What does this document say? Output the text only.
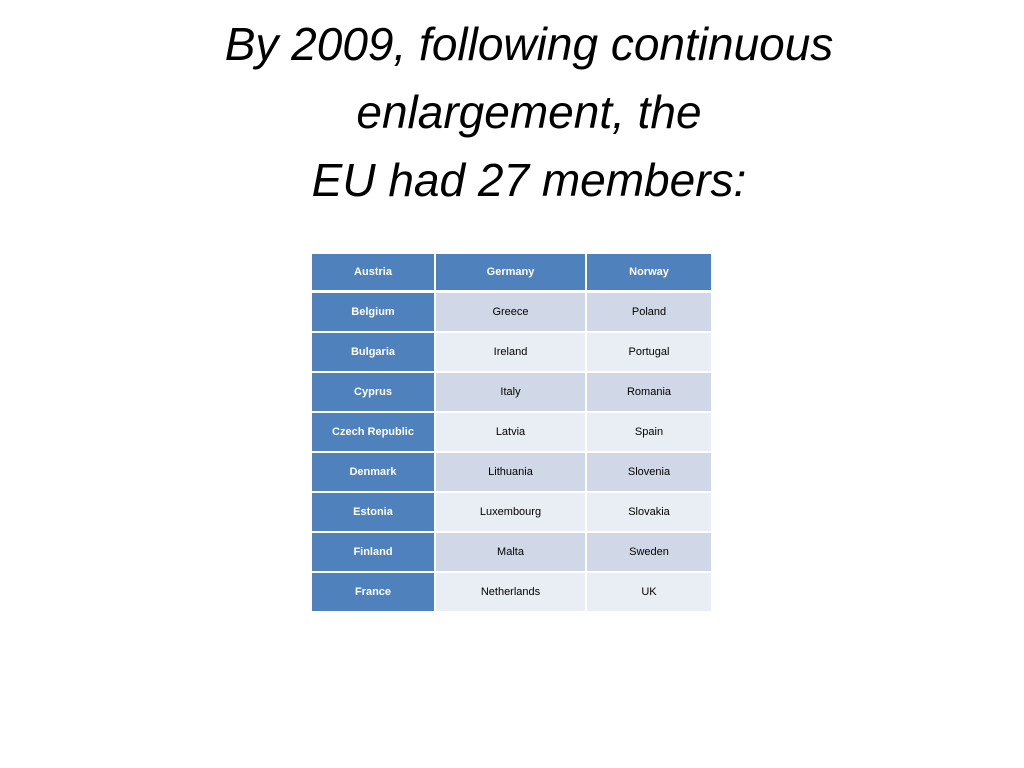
By 2009, following continuous
enlargement, the
EU had 27 members:
Austria	Germany	Norway
Belgium	Greece	Poland
Bulgaria	Ireland	Portugal
Cyprus	Italy	Romania
Czech Republic	Latvia	Spain
Denmark	Lithuania	Slovenia
Estonia	Luxembourg	Slovakia
Finland	Malta	Sweden
France	Netherlands	UK
